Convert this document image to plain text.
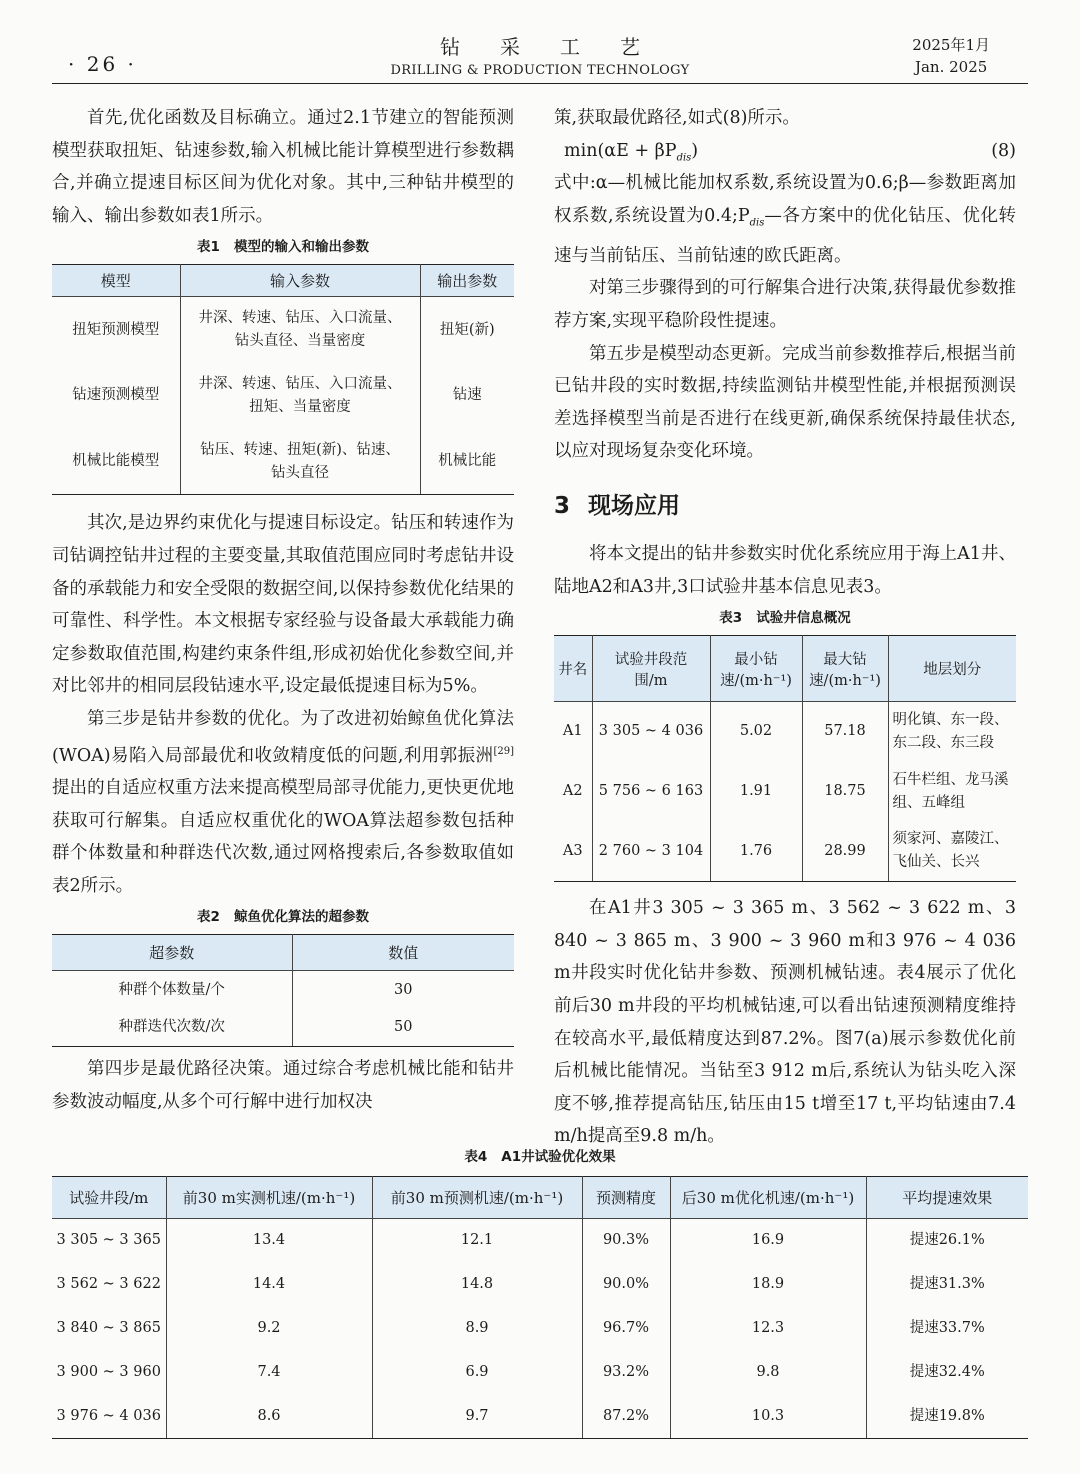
· 26 ·
钻采工艺
DRILLING & PRODUCTION TECHNOLOGY
2025年1月
Jan. 2025

首先,优化函数及目标确立。通过2.1节建立的智能预测模型获取扭矩、钻速参数,输入机械比能计算模型进行参数耦合,并确立提速目标区间为优化对象。其中,三种钻井模型的输入、输出参数如表1所示。

表1 模型的输入和输出参数
模型	输入参数	输出参数
扭矩预测模型	井深、转速、钻压、入口流量、钻头直径、当量密度	扭矩(新)
钻速预测模型	井深、转速、钻压、入口流量、扭矩、当量密度	钻速
机械比能模型	钻压、转速、扭矩(新)、钻速、钻头直径	机械比能

其次,是边界约束优化与提速目标设定。钻压和转速作为司钻调控钻井过程的主要变量,其取值范围应同时考虑钻井设备的承载能力和安全受限的数据空间,以保持参数优化结果的可靠性、科学性。本文根据专家经验与设备最大承载能力确定参数取值范围,构建约束条件组,形成初始优化参数空间,并对比邻井的相同层段钻速水平,设定最低提速目标为5%。

第三步是钻井参数的优化。为了改进初始鲸鱼优化算法(WOA)易陷入局部最优和收敛精度低的问题,利用郭振洲[29]提出的自适应权重方法来提高模型局部寻优能力,更快更优地获取可行解集。自适应权重优化的WOA算法超参数包括种群个体数量和种群迭代次数,通过网格搜索后,各参数取值如表2所示。

表2 鲸鱼优化算法的超参数
超参数	数值
种群个体数量/个	30
种群迭代次数/次	50

第四步是最优路径决策。通过综合考虑机械比能和钻井参数波动幅度,从多个可行解中进行加权决

策,获取最优路径,如式(8)所示。

$\min(\alpha E + \beta P_{dis})$	(8)

式中:α—机械比能加权系数,系统设置为0.6;β—参数距离加权系数,系统设置为$0.4;P_{dis}—$各方案中的优化钻压、优化转速与当前钻压、当前钻速的欧氏距离。

对第三步骤得到的可行解集合进行决策,获得最优参数推荐方案,实现平稳阶段性提速。

第五步是模型动态更新。完成当前参数推荐后,根据当前已钻井段的实时数据,持续监测钻井模型性能,并根据预测误差选择模型当前是否进行在线更新,确保系统保持最佳状态,以应对现场复杂变化环境。

3 现场应用

将本文提出的钻井参数实时优化系统应用于海上A1井、陆地A2和A3井,3口试验井基本信息见表3。

表3 试验井信息概况
井名	试验井段范围/m	最小钻速/(m·h⁻¹)	最大钻速/(m·h⁻¹)	地层划分
A1	3 305 ~ 4 036	5.02	57.18	明化镇、东一段、东二段、东三段
A2	5 756 ~ 6 163	1.91	18.75	石牛栏组、龙马溪组、五峰组
A3	2 760 ~ 3 104	1.76	28.99	须家河、嘉陵江、飞仙关、长兴

在A1井3 305 ~ 3 365 m、3 562 ~ 3 622 m、3 840 ~ 3 865 m、3 900 ~ 3 960 m和3 976 ~ 4 036 m井段实时优化钻井参数、预测机械钻速。表4展示了优化前后30 m井段的平均机械钻速,可以看出钻速预测精度维持在较高水平,最低精度达到87.2%。图7(a)展示参数优化前后机械比能情况。当钻至3 912 m后,系统认为钻头吃入深度不够,推荐提高钻压,钻压由15 t增至17 t,平均钻速由7.4 m/h提高至9.8 m/h。

表4 A1井试验优化效果
试验井段/m	前30 m实测机速/(m·h⁻¹)	前30 m预测机速/(m·h⁻¹)	预测精度	后30 m优化机速/(m·h⁻¹)	平均提速效果
3 305 ~ 3 365	13.4	12.1	90.3%	16.9	提速26.1%
3 562 ~ 3 622	14.4	14.8	90.0%	18.9	提速31.3%
3 840 ~ 3 865	9.2	8.9	96.7%	12.3	提速33.7%
3 900 ~ 3 960	7.4	6.9	93.2%	9.8	提速32.4%
3 976 ~ 4 036	8.6	9.7	87.2%	10.3	提速19.8%
